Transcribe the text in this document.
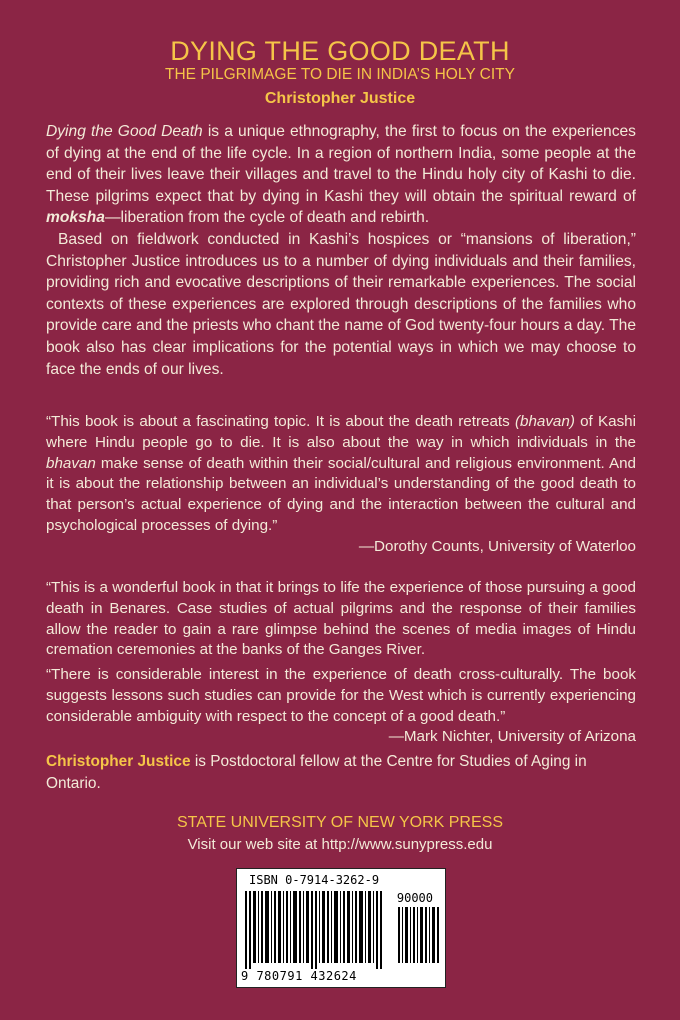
DYING THE GOOD DEATH
THE PILGRIMAGE TO DIE IN INDIA’S HOLY CITY
Christopher Justice

Dying the Good Death is a unique ethnography, the first to focus on the experiences of dying at the end of the life cycle. In a region of northern India, some people at the end of their lives leave their villages and travel to the Hindu holy city of Kashi to die. These pilgrims expect that by dying in Kashi they will obtain the spiritual reward of moksha—liberation from the cycle of death and rebirth.

Based on fieldwork conducted in Kashi’s hospices or “mansions of liberation,” Christopher Justice introduces us to a number of dying individuals and their families, providing rich and evocative descriptions of their remarkable experiences. The social contexts of these experiences are explored through descriptions of the families who provide care and the priests who chant the name of God twenty-four hours a day. The book also has clear implications for the potential ways in which we may choose to face the ends of our lives.

“This book is about a fascinating topic. It is about the death retreats (bhavan) of Kashi where Hindu people go to die. It is also about the way in which individuals in the bhavan make sense of death within their social/cultural and religious environment. And it is about the relationship between an individual’s understanding of the good death to that person’s actual experience of dying and the interaction between the cultural and psychological processes of dying.”

—Dorothy Counts, University of Waterloo

“This is a wonderful book in that it brings to life the experience of those pursuing a good death in Benares. Case studies of actual pilgrims and the response of their families allow the reader to gain a rare glimpse behind the scenes of media images of Hindu cremation ceremonies at the banks of the Ganges River.

“There is considerable interest in the experience of death cross-culturally. The book suggests lessons such studies can provide for the West which is currently experiencing considerable ambiguity with respect to the concept of a good death.”

—Mark Nichter, University of Arizona

Christopher Justice is Postdoctoral fellow at the Centre for Studies of Aging in Ontario.

STATE UNIVERSITY OF NEW YORK PRESS
Visit our web site at http://www.sunypress.edu
ISBN 0-7914-3262-9
90000
9 780791 432624
